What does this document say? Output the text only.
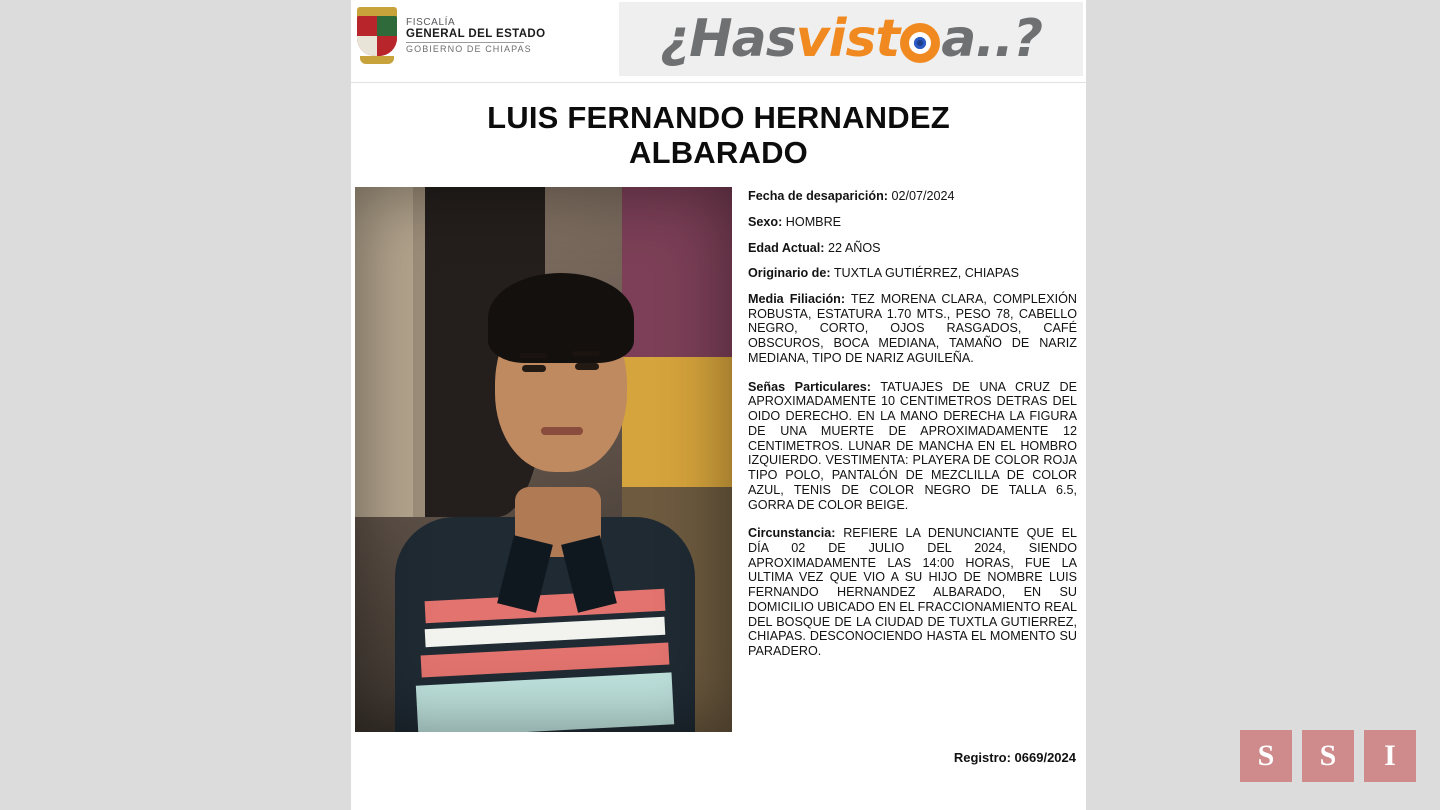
FISCALÍA
GENERAL DEL ESTADO
GOBIERNO DE CHIAPAS ¿Has vist a..?
LUIS FERNANDO HERNANDEZ ALBARADO
Fecha de desaparición: 02/07/2024
Sexo: HOMBRE
Edad Actual: 22 AÑOS
Originario de: TUXTLA GUTIÉRREZ, CHIAPAS
Media Filiación: TEZ MORENA CLARA, COMPLEXIÓN ROBUSTA, ESTATURA 1.70 MTS., PESO 78, CABELLO NEGRO, CORTO, OJOS RASGADOS, CAFÉ OBSCUROS, BOCA MEDIANA, TAMAÑO DE NARIZ MEDIANA, TIPO DE NARIZ AGUILEÑA.
Señas Particulares: TATUAJES DE UNA CRUZ DE APROXIMADAMENTE 10 CENTIMETROS DETRAS DEL OIDO DERECHO. EN LA MANO DERECHA LA FIGURA DE UNA MUERTE DE APROXIMADAMENTE 12 CENTIMETROS. LUNAR DE MANCHA EN EL HOMBRO IZQUIERDO. VESTIMENTA: PLAYERA DE COLOR ROJA TIPO POLO, PANTALÓN DE MEZCLILLA DE COLOR AZUL, TENIS DE COLOR NEGRO DE TALLA 6.5, GORRA DE COLOR BEIGE.
Circunstancia: REFIERE LA DENUNCIANTE QUE EL DÍA 02 DE JULIO DEL 2024, SIENDO APROXIMADAMENTE LAS 14:00 HORAS, FUE LA ULTIMA VEZ QUE VIO A SU HIJO DE NOMBRE LUIS FERNANDO HERNANDEZ ALBARADO, EN SU DOMICILIO UBICADO EN EL FRACCIONAMIENTO REAL DEL BOSQUE DE LA CIUDAD DE TUXTLA GUTIERREZ, CHIAPAS. DESCONOCIENDO HASTA EL MOMENTO SU PARADERO.
Registro: 0669/2024	S	S	I
